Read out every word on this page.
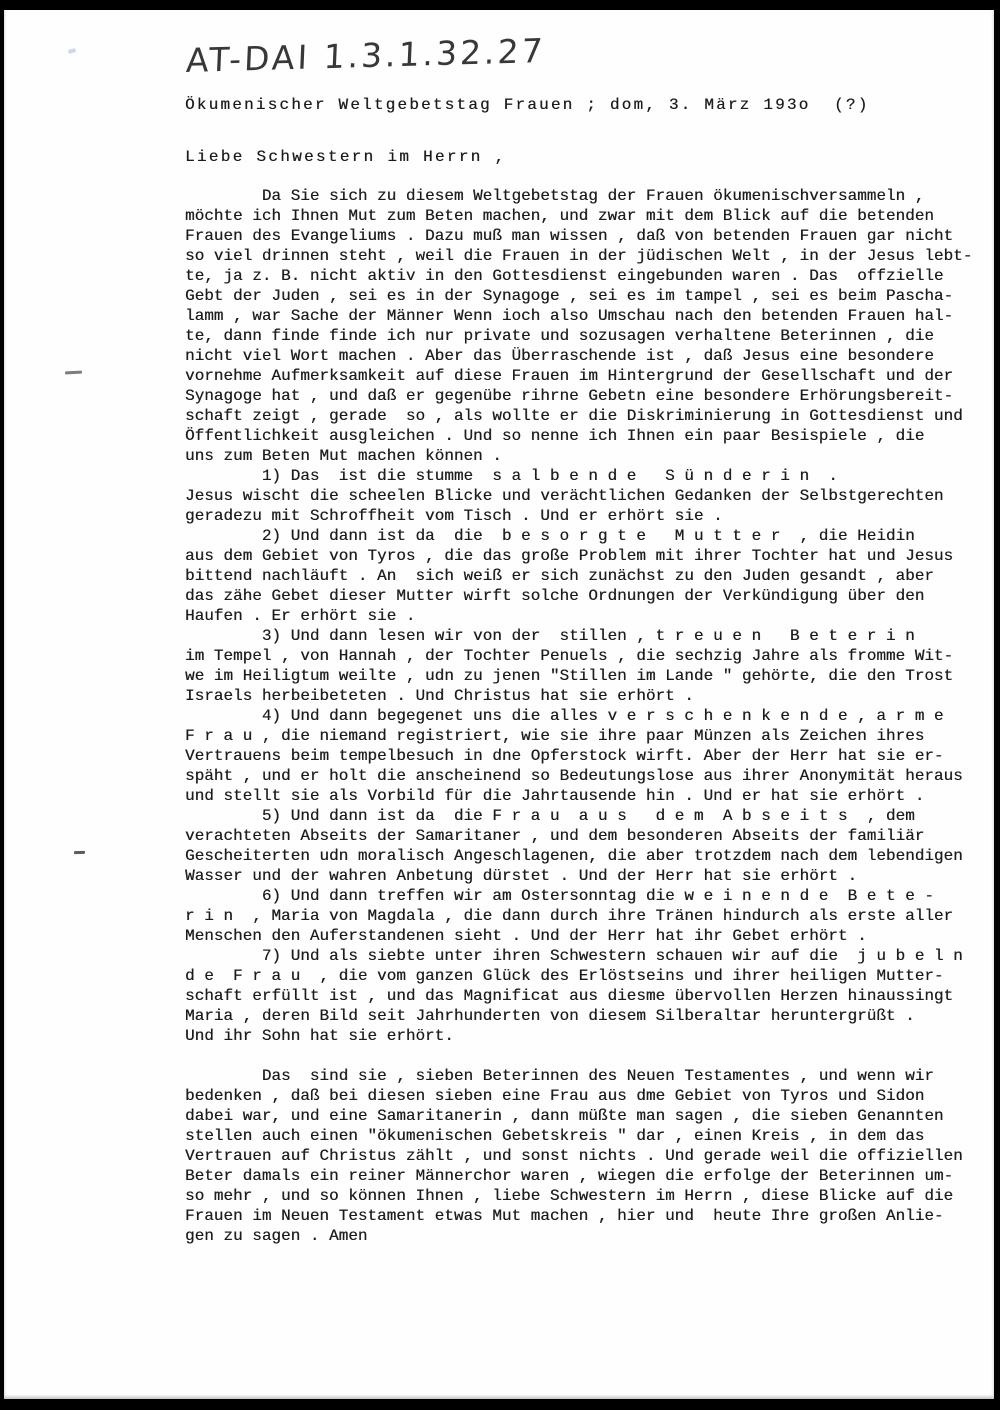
AT-DAI 1.3.1.32.27
Ökumenischer Weltgebetstag Frauen ; dom, 3. März 193o  (?)
Liebe Schwestern im Herrn ,
Da Sie sich zu diesem Weltgebetstag der Frauen ökumenischversammeln ,
möchte ich Ihnen Mut zum Beten machen, und zwar mit dem Blick auf die betenden
Frauen des Evangeliums . Dazu muß man wissen , daß von betenden Frauen gar nicht
so viel drinnen steht , weil die Frauen in der jüdischen Welt , in der Jesus lebt-
te, ja z. B. nicht aktiv in den Gottesdienst eingebunden waren . Das  offzielle
Gebt der Juden , sei es in der Synagoge , sei es im tampel , sei es beim Pascha-
lamm , war Sache der Männer Wenn ioch also Umschau nach den betenden Frauen hal-
te, dann finde finde ich nur private und sozusagen verhaltene Beterinnen , die
nicht viel Wort machen . Aber das Überraschende ist , daß Jesus eine besondere
vornehme Aufmerksamkeit auf diese Frauen im Hintergrund der Gesellschaft und der
Synagoge hat , und daß er gegenübe rihrne Gebetn eine besondere Erhörungsbereit-
schaft zeigt , gerade  so , als wollte er die Diskriminierung in Gottesdienst und
Öffentlichkeit ausgleichen . Und so nenne ich Ihnen ein paar Besispiele , die
uns zum Beten Mut machen können .
1) Das  ist die stumme  s a l b e n d e   S ü n d e r i n  .
Jesus wischt die scheelen Blicke und verächtlichen Gedanken der Selbstgerechten
geradezu mit Schroffheit vom Tisch . Und er erhört sie .
2) Und dann ist da  die  b e s o r g t e   M u t t e r  , die Heidin
aus dem Gebiet von Tyros , die das große Problem mit ihrer Tochter hat und Jesus
bittend nachläuft . An  sich weiß er sich zunächst zu den Juden gesandt , aber
das zähe Gebet dieser Mutter wirft solche Ordnungen der Verkündigung über den
Haufen . Er erhört sie .
3) Und dann lesen wir von der  stillen , t r e u e n   B e t e r i n
im Tempel , von Hannah , der Tochter Penuels , die sechzig Jahre als fromme Wit-
we im Heiligtum weilte , udn zu jenen "Stillen im Lande " gehörte, die den Trost
Israels herbeibeteten . Und Christus hat sie erhört .
4) Und dann begegenet uns die alles v e r s c h e n k e n d e , a r m e
F r a u , die niemand registriert, wie sie ihre paar Münzen als Zeichen ihres
Vertrauens beim tempelbesuch in dne Opferstock wirft. Aber der Herr hat sie er-
späht , und er holt die anscheinend so Bedeutungslose aus ihrer Anonymität heraus
und stellt sie als Vorbild für die Jahrtausende hin . Und er hat sie erhört .
5) Und dann ist da  die F r a u  a u s   d e m  A b s e i t s  , dem
verachteten Abseits der Samaritaner , und dem besonderen Abseits der familiär
Gescheiterten udn moralisch Angeschlagenen, die aber trotzdem nach dem lebendigen
Wasser und der wahren Anbetung dürstet . Und der Herr hat sie erhört .
6) Und dann treffen wir am Ostersonntag die w e i n e n d e  B e t e -
r i n  , Maria von Magdala , die dann durch ihre Tränen hindurch als erste aller
Menschen den Auferstandenen sieht . Und der Herr hat ihr Gebet erhört .
7) Und als siebte unter ihren Schwestern schauen wir auf die  j u b e l n
d e  F r a u  , die vom ganzen Glück des Erlöstseins und ihrer heiligen Mutter-
schaft erfüllt ist , und das Magnificat aus diesme übervollen Herzen hinaussingt
Maria , deren Bild seit Jahrhunderten von diesem Silberaltar heruntergrüßt .
Und ihr Sohn hat sie erhört.

Das  sind sie , sieben Beterinnen des Neuen Testamentes , und wenn wir
bedenken , daß bei diesen sieben eine Frau aus dme Gebiet von Tyros und Sidon
dabei war, und eine Samaritanerin , dann müßte man sagen , die sieben Genannten
stellen auch einen "ökumenischen Gebetskreis " dar , einen Kreis , in dem das
Vertrauen auf Christus zählt , und sonst nichts . Und gerade weil die offiziellen
Beter damals ein reiner Männerchor waren , wiegen die erfolge der Beterinnen um-
so mehr , und so können Ihnen , liebe Schwestern im Herrn , diese Blicke auf die
Frauen im Neuen Testament etwas Mut machen , hier und  heute Ihre großen Anlie-
gen zu sagen . Amen
